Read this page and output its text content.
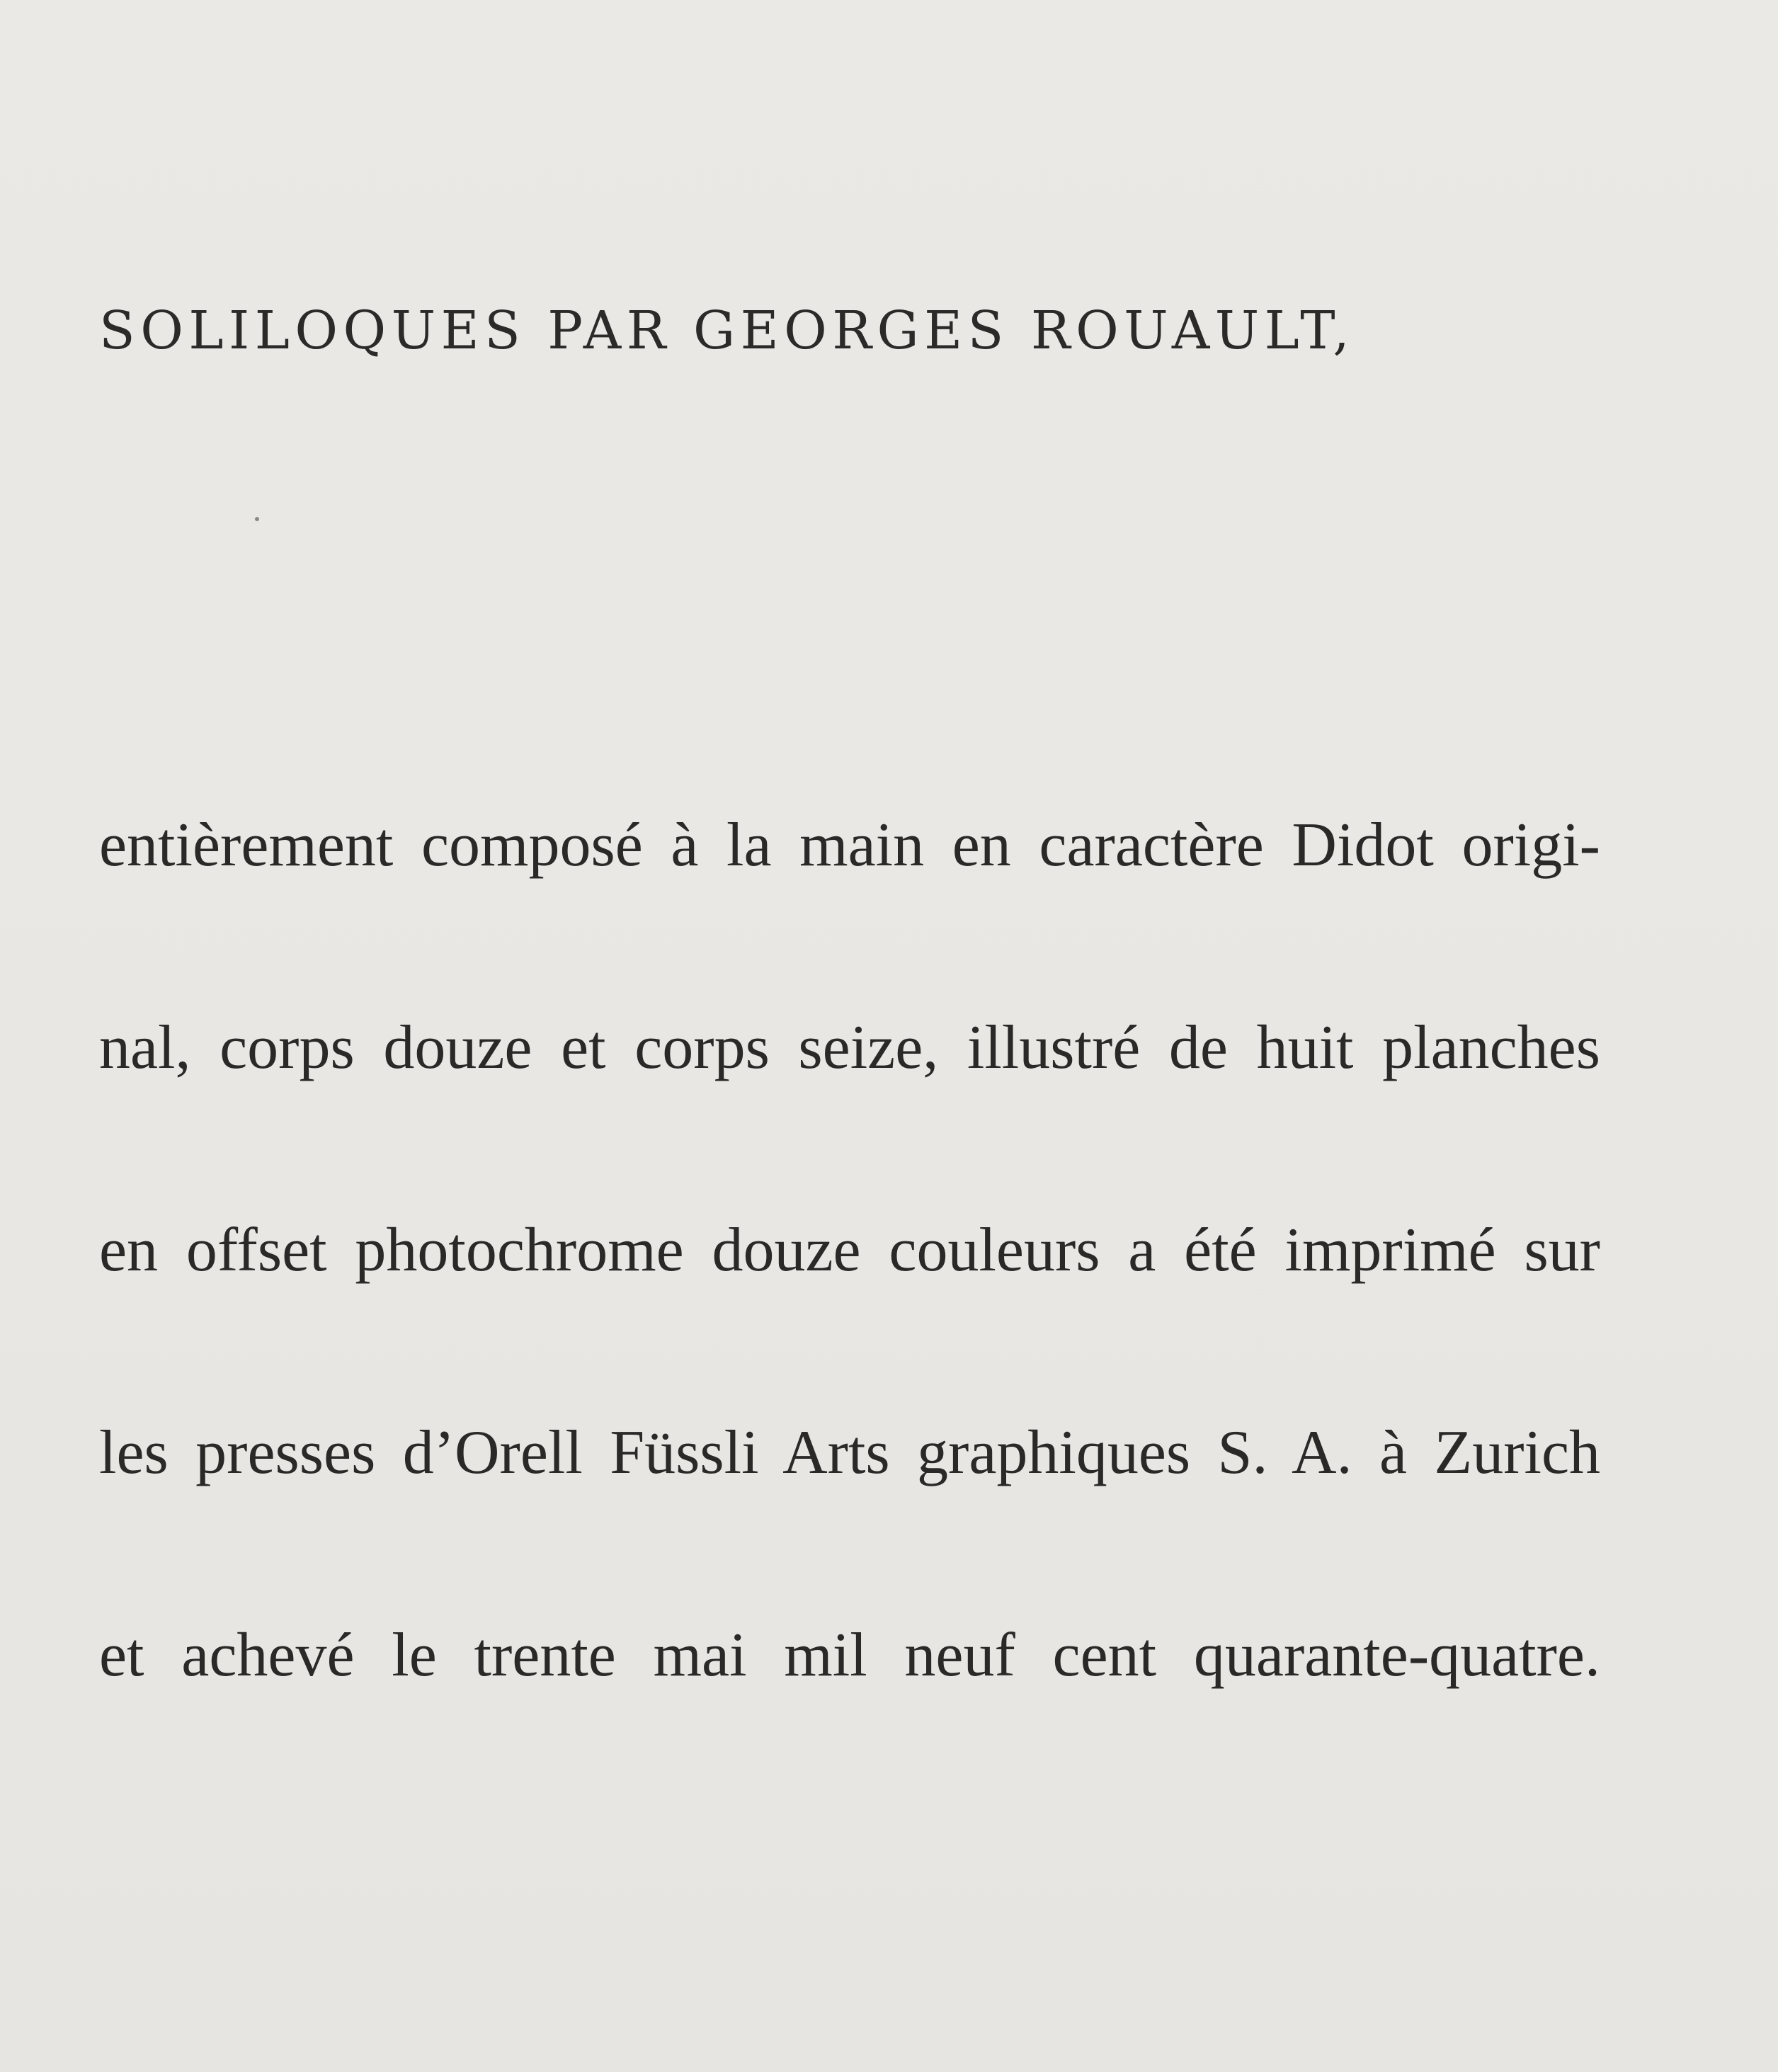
SOLILOQUES PAR GEORGES ROUAULT,
entièrement composé à la main en caractère Didot origi-
nal, corps douze et corps seize, illustré de huit planches
en offset photochrome douze couleurs a été imprimé sur
les presses d’Orell Füssli Arts graphiques S. A. à Zurich
et achevé le trente mai mil neuf cent quarante-quatre.
